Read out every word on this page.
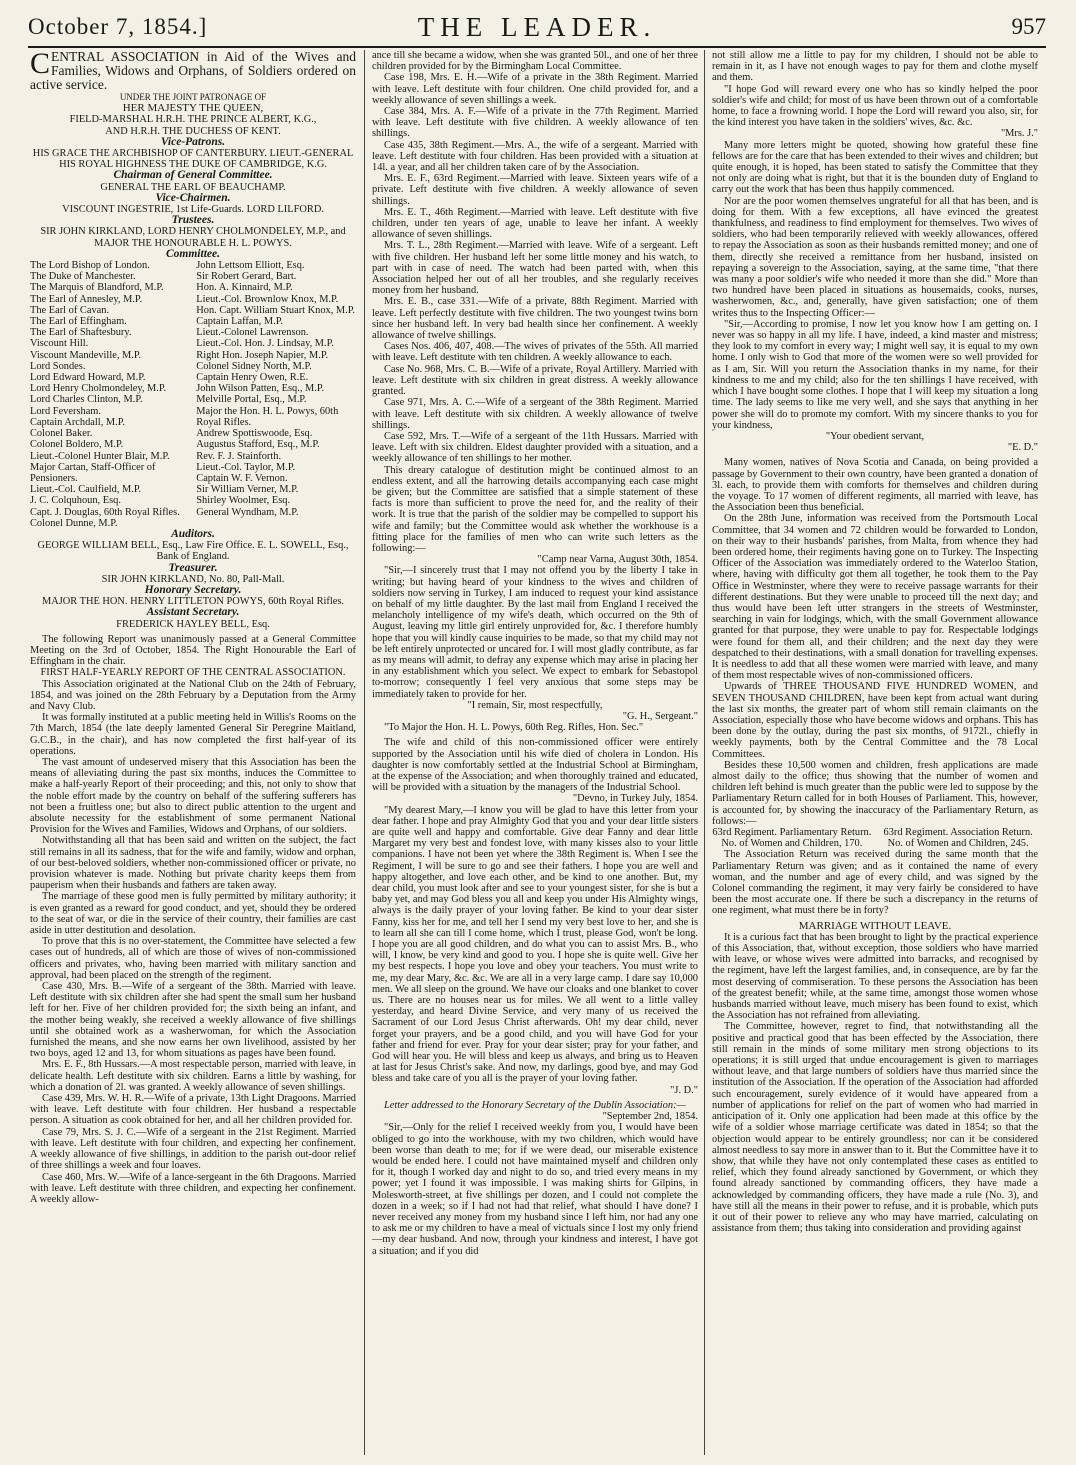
October 7, 1854.]	THE LEADER.	957

CENTRAL ASSOCIATION in Aid of the Wives and Families, Widows and Orphans, of Soldiers ordered on active service.

UNDER THE JOINT PATRONAGE OF

HER MAJESTY THE QUEEN,

FIELD-MARSHAL H.R.H. THE PRINCE ALBERT, K.G.,

AND H.R.H. THE DUCHESS OF KENT.

Vice-Patrons.

HIS GRACE THE ARCHBISHOP OF CANTERBURY. LIEUT.-GENERAL HIS ROYAL HIGHNESS THE DUKE OF CAMBRIDGE, K.G.

Chairman of General Committee.

GENERAL THE EARL OF BEAUCHAMP.

Vice-Chairmen.

VISCOUNT INGESTRIE, 1st Life-Guards. LORD LILFORD.

Trustees.

SIR JOHN KIRKLAND, LORD HENRY CHOLMONDELEY, M.P., and MAJOR THE HONOURABLE H. L. POWYS.

Committee.

The Lord Bishop of London.
The Duke of Manchester.
The Marquis of Blandford, M.P.
The Earl of Annesley, M.P.
The Earl of Cavan.
The Earl of Effingham.
The Earl of Shaftesbury.
Viscount Hill.
Viscount Mandeville, M.P.
Lord Sondes.
Lord Edward Howard, M.P.
Lord Henry Cholmondeley, M.P.
Lord Charles Clinton, M.P.
Lord Feversham.
Captain Archdall, M.P.
Colonel Baker.
Colonel Boldero, M.P.
Lieut.-Colonel Hunter Blair, M.P.
Major Cartan, Staff-Officer of Pensioners.
Lieut.-Col. Caulfield, M.P.
J. C. Colquhoun, Esq.
Capt. J. Douglas, 60th Royal Rifles.
Colonel Dunne, M.P.
John Lettsom Elliott, Esq.
Sir Robert Gerard, Bart.
Hon. A. Kinnaird, M.P.
Lieut.-Col. Brownlow Knox, M.P.
Hon. Capt. William Stuart Knox, M.P.
Captain Laffan, M.P.
Lieut.-Colonel Lawrenson.
Lieut.-Col. Hon. J. Lindsay, M.P.
Right Hon. Joseph Napier, M.P.
Colonel Sidney North, M.P.
Captain Henry Owen, R.E.
John Wilson Patten, Esq., M.P.
Melville Portal, Esq., M.P.
Major the Hon. H. L. Powys, 60th Royal Rifles.
Andrew Spottiswoode, Esq.
Augustus Stafford, Esq., M.P.
Rev. F. J. Stainforth.
Lieut.-Col. Taylor, M.P.
Captain W. F. Vernon.
Sir William Verner, M.P.
Shirley Woolmer, Esq.
General Wyndham, M.P.

Auditors.

GEORGE WILLIAM BELL, Esq., Law Fire Office. E. L. SOWELL, Esq., Bank of England.

Treasurer.

SIR JOHN KIRKLAND, No. 80, Pall-Mall.

Honorary Secretary.

MAJOR THE HON. HENRY LITTLETON POWYS, 60th Royal Rifles.

Assistant Secretary.

FREDERICK HAYLEY BELL, Esq.

The following Report was unanimously passed at a General Committee Meeting on the 3rd of October, 1854. The Right Honourable the Earl of Effingham in the chair.

FIRST HALF-YEARLY REPORT OF THE CENTRAL ASSOCIATION.

This Association originated at the National Club on the 24th of February, 1854, and was joined on the 28th February by a Deputation from the Army and Navy Club.

It was formally instituted at a public meeting held in Willis's Rooms on the 7th March, 1854 (the late deeply lamented General Sir Peregrine Maitland, G.C.B., in the chair), and has now completed the first half-year of its operations.

The vast amount of undeserved misery that this Association has been the means of alleviating during the past six months, induces the Committee to make a half-yearly Report of their proceeding; and this, not only to show that the noble effort made by the country on behalf of the suffering sufferers has not been a fruitless one; but also to direct public attention to the urgent and absolute necessity for the establishment of some permanent National Provision for the Wives and Families, Widows and Orphans, of our soldiers.

Notwithstanding all that has been said and written on the subject, the fact still remains in all its sadness, that for the wife and family, widow and orphan, of our best-beloved soldiers, whether non-commissioned officer or private, no provision whatever is made. Nothing but private charity keeps them from pauperism when their husbands and fathers are taken away.

The marriage of these good men is fully permitted by military authority; it is even granted as a reward for good conduct, and yet, should they be ordered to the seat of war, or die in the service of their country, their families are cast aside in utter destitution and desolation.

To prove that this is no over-statement, the Committee have selected a few cases out of hundreds, all of which are those of wives of non-commissioned officers and privates, who, having been married with military sanction and approval, had been placed on the strength of the regiment.

Case 430, Mrs. B.—Wife of a sergeant of the 38th. Married with leave. Left destitute with six children after she had spent the small sum her husband left for her. Five of her children provided for; the sixth being an infant, and the mother being weakly, she received a weekly allowance of five shillings until she obtained work as a washerwoman, for which the Association furnished the means, and she now earns her own livelihood, assisted by her two boys, aged 12 and 13, for whom situations as pages have been found.

Mrs. E. F., 8th Hussars.—A most respectable person, married with leave, in delicate health. Left destitute with six children. Earns a little by washing, for which a donation of 2l. was granted. A weekly allowance of seven shillings.

Case 439, Mrs. W. H. R.—Wife of a private, 13th Light Dragoons. Married with leave. Left destitute with four children. Her husband a respectable person. A situation as cook obtained for her, and all her children provided for.

Case 79, Mrs. S. J. C.—Wife of a sergeant in the 21st Regiment. Married with leave. Left destitute with four children, and expecting her confinement. A weekly allowance of five shillings, in addition to the parish out-door relief of three shillings a week and four loaves.

Case 460, Mrs. W.—Wife of a lance-sergeant in the 6th Dragoons. Married with leave. Left destitute with three children, and expecting her confinement. A weekly allow-

ance till she became a widow, when she was granted 50l., and one of her three children provided for by the Birmingham Local Committee.

Case 198, Mrs. E. H.—Wife of a private in the 38th Regiment. Married with leave. Left destitute with four children. One child provided for, and a weekly allowance of seven shillings a week.

Case 384, Mrs. A. F.—Wife of a private in the 77th Regiment. Married with leave. Left destitute with five children. A weekly allowance of ten shillings.

Case 435, 38th Regiment.—Mrs. A., the wife of a sergeant. Married with leave. Left destitute with four children. Has been provided with a situation at 14l. a year, and all her children taken care of by the Association.

Mrs. E. F., 63rd Regiment.—Married with leave. Sixteen years wife of a private. Left destitute with five children. A weekly allowance of seven shillings.

Mrs. E. T., 46th Regiment.—Married with leave. Left destitute with five children, under ten years of age, unable to leave her infant. A weekly allowance of seven shillings.

Mrs. T. L., 28th Regiment.—Married with leave. Wife of a sergeant. Left with five children. Her husband left her some little money and his watch, to part with in case of need. The watch had been parted with, when this Association helped her out of all her troubles, and she regularly receives money from her husband.

Mrs. E. B., case 331.—Wife of a private, 88th Regiment. Married with leave. Left perfectly destitute with five children. The two youngest twins born since her husband left. In very bad health since her confinement. A weekly allowance of twelve shillings.

Cases Nos. 406, 407, 408.—The wives of privates of the 55th. All married with leave. Left destitute with ten children. A weekly allowance to each.

Case No. 968, Mrs. C. B.—Wife of a private, Royal Artillery. Married with leave. Left destitute with six children in great distress. A weekly allowance granted.

Case 971, Mrs. A. C.—Wife of a sergeant of the 38th Regiment. Married with leave. Left destitute with six children. A weekly allowance of twelve shillings.

Case 592, Mrs. T.—Wife of a sergeant of the 11th Hussars. Married with leave. Left with six children. Eldest daughter provided with a situation, and a weekly allowance of ten shillings to her mother.

This dreary catalogue of destitution might be continued almost to an endless extent, and all the harrowing details accompanying each case might be given; but the Committee are satisfied that a simple statement of these facts is more than sufficient to prove the need for, and the reality of their work. It is true that the parish of the soldier may be compelled to support his wife and family; but the Committee would ask whether the workhouse is a fitting place for the families of men who can write such letters as the following:—

"Camp near Varna, August 30th, 1854.

"Sir,—I sincerely trust that I may not offend you by the liberty I take in writing; but having heard of your kindness to the wives and children of soldiers now serving in Turkey, I am induced to request your kind assistance on behalf of my little daughter. By the last mail from England I received the melancholy intelligence of my wife's death, which occurred on the 9th of August, leaving my little girl entirely unprovided for, &c. I therefore humbly hope that you will kindly cause inquiries to be made, so that my child may not be left entirely unprotected or uncared for. I will most gladly contribute, as far as my means will admit, to defray any expense which may arise in placing her in any establishment which you select. We expect to embark for Sebastopol to-morrow; consequently I feel very anxious that some steps may be immediately taken to provide for her.

"I remain, Sir, most respectfully,

"G. H., Sergeant."

"To Major the Hon. H. L. Powys, 60th Reg. Rifles, Hon. Sec."

The wife and child of this non-commissioned officer were entirely supported by the Association until his wife died of cholera in London. His daughter is now comfortably settled at the Industrial School at Birmingham, at the expense of the Association; and when thoroughly trained and educated, will be provided with a situation by the managers of the Industrial School.

"Devno, in Turkey July, 1854.

"My dearest Mary,—I know you will be glad to have this letter from your dear father. I hope and pray Almighty God that you and your dear little sisters are quite well and happy and comfortable. Give dear Fanny and dear little Margaret my very best and fondest love, with many kisses also to your little companions. I have not been yet where the 38th Regiment is. When I see the Regiment, I will be sure to go and see their fathers. I hope you are well and happy altogether, and love each other, and be kind to one another. But, my dear child, you must look after and see to your youngest sister, for she is but a baby yet, and may God bless you all and keep you under His Almighty wings, always is the daily prayer of your loving father. Be kind to your dear sister Fanny, kiss her for me, and tell her I send my very best love to her, and she is to learn all she can till I come home, which I trust, please God, won't be long. I hope you are all good children, and do what you can to assist Mrs. B., who will, I know, be very kind and good to you. I hope she is quite well. Give her my best respects. I hope you love and obey your teachers. You must write to me, my dear Mary, &c. &c. We are all in a very large camp. I dare say 10,000 men. We all sleep on the ground. We have our cloaks and one blanket to cover us. There are no houses near us for miles. We all went to a little valley yesterday, and heard Divine Service, and very many of us received the Sacrament of our Lord Jesus Christ afterwards. Oh! my dear child, never forget your prayers, and be a good child, and you will have God for your father and friend for ever. Pray for your dear sister; pray for your father, and God will hear you. He will bless and keep us always, and bring us to Heaven at last for Jesus Christ's sake. And now, my darlings, good bye, and may God bless and take care of you all is the prayer of your loving father.

"J. D."

Letter addressed to the Honorary Secretary of the Dublin Association:—

"September 2nd, 1854.

"Sir,—Only for the relief I received weekly from you, I would have been obliged to go into the workhouse, with my two children, which would have been worse than death to me; for if we were dead, our miserable existence would be ended here. I could not have maintained myself and children only for it, though I worked day and night to do so, and tried every means in my power; yet I found it was impossible. I was making shirts for Gilpins, in Molesworth-street, at five shillings per dozen, and I could not complete the dozen in a week; so if I had not had that relief, what should I have done? I never received any money from my husband since I left him, nor had any one to ask me or my children to have a meal of victuals since I lost my only friend—my dear husband. And now, through your kindness and interest, I have got a situation; and if you did

not still allow me a little to pay for my children, I should not be able to remain in it, as I have not enough wages to pay for them and clothe myself and them.

"I hope God will reward every one who has so kindly helped the poor soldier's wife and child; for most of us have been thrown out of a comfortable home, to face a frowning world. I hope the Lord will reward you also, sir, for the kind interest you have taken in the soldiers' wives, &c. &c.

"Mrs. J."

Many more letters might be quoted, showing how grateful these fine fellows are for the care that has been extended to their wives and children; but quite enough, it is hoped, has been stated to satisfy the Committee that they not only are doing what is right, but that it is the bounden duty of England to carry out the work that has been thus happily commenced.

Nor are the poor women themselves ungrateful for all that has been, and is doing for them. With a few exceptions, all have evinced the greatest thankfulness, and readiness to find employment for themselves. Two wives of soldiers, who had been temporarily relieved with weekly allowances, offered to repay the Association as soon as their husbands remitted money; and one of them, directly she received a remittance from her husband, insisted on repaying a sovereign to the Association, saying, at the same time, "that there was many a poor soldier's wife who needed it more than she did." More than two hundred have been placed in situations as housemaids, cooks, nurses, washerwomen, &c., and, generally, have given satisfaction; one of them writes thus to the Inspecting Officer:—

"Sir,—According to promise, I now let you know how I am getting on. I never was so happy in all my life. I have, indeed, a kind master and mistress; they look to my comfort in every way; I might well say, it is equal to my own home. I only wish to God that more of the women were so well provided for as I am, Sir. Will you return the Association thanks in my name, for their kindness to me and my child; also for the ten shillings I have received, with which I have bought some clothes. I hope that I will keep my situation a long time. The lady seems to like me very well, and she says that anything in her power she will do to promote my comfort. With my sincere thanks to you for your kindness,

"Your obedient servant,

"E. D."

Many women, natives of Nova Scotia and Canada, on being provided a passage by Government to their own country, have been granted a donation of 3l. each, to provide them with comforts for themselves and children during the voyage. To 17 women of different regiments, all married with leave, has the Association been thus beneficial.

On the 28th June, information was received from the Portsmouth Local Committee, that 34 women and 72 children would be forwarded to London, on their way to their husbands' parishes, from Malta, from whence they had been ordered home, their regiments having gone on to Turkey. The Inspecting Officer of the Association was immediately ordered to the Waterloo Station, where, having with difficulty got them all together, he took them to the Pay Office in Westminster, where they were to receive passage warrants for their different destinations. But they were unable to proceed till the next day; and thus would have been left utter strangers in the streets of Westminster, searching in vain for lodgings, which, with the small Government allowance granted for that purpose, they were unable to pay for. Respectable lodgings were found for them all, and their children; and the next day they were despatched to their destinations, with a small donation for travelling expenses. It is needless to add that all these women were married with leave, and many of them most respectable wives of non-commissioned officers.

Upwards of THREE THOUSAND FIVE HUNDRED WOMEN, and SEVEN THOUSAND CHILDREN, have been kept from actual want during the last six months, the greater part of whom still remain claimants on the Association, especially those who have become widows and orphans. This has been done by the outlay, during the past six months, of 9172l., chiefly in weekly payments, both by the Central Committee and the 78 Local Committees.

Besides these 10,500 women and children, fresh applications are made almost daily to the office; thus showing that the number of women and children left behind is much greater than the public were led to suppose by the Parliamentary Return called for in both Houses of Parliament. This, however, is accounted for, by showing the inaccuracy of the Parliamentary Return, as follows:—

63rd Regiment. Parliamentary Return.
No. of Women and Children, 170.
63rd Regiment. Association Return.
No. of Women and Children, 245.

The Association Return was received during the same month that the Parliamentary Return was given; and as it contained the name of every woman, and the number and age of every child, and was signed by the Colonel commanding the regiment, it may very fairly be considered to have been the most accurate one. If there be such a discrepancy in the returns of one regiment, what must there be in forty?

MARRIAGE WITHOUT LEAVE.

It is a curious fact that has been brought to light by the practical experience of this Association, that, without exception, those soldiers who have married with leave, or whose wives were admitted into barracks, and recognised by the regiment, have left the largest families, and, in consequence, are by far the most deserving of commiseration. To these persons the Association has been of the greatest benefit; while, at the same time, amongst those women whose husbands married without leave, much misery has been found to exist, which the Association has not refrained from alleviating.

The Committee, however, regret to find, that notwithstanding all the positive and practical good that has been effected by the Association, there still remain in the minds of some military men strong objections to its operations; it is still urged that undue encouragement is given to marriages without leave, and that large numbers of soldiers have thus married since the institution of the Association. If the operation of the Association had afforded such encouragement, surely evidence of it would have appeared from a number of applications for relief on the part of women who had married in anticipation of it. Only one application had been made at this office by the wife of a soldier whose marriage certificate was dated in 1854; so that the objection would appear to be entirely groundless; nor can it be considered almost needless to say more in answer than to it. But the Committee have it to show, that while they have not only contemplated these cases as entitled to relief, which they found already sanctioned by Government, or which they found already sanctioned by commanding officers, they have made a acknowledged by commanding officers, they have made a rule (No. 3), and have still all the means in their power to refuse, and it is probable, which puts it out of their power to relieve any who may have married, calculating on assistance from them; thus taking into consideration and providing against
